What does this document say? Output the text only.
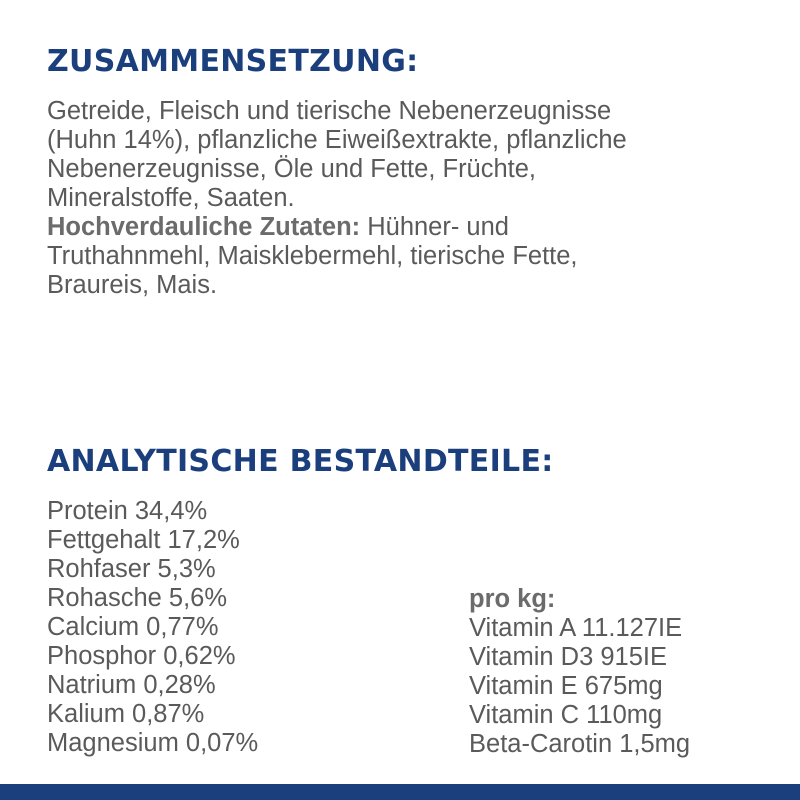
ZUSAMMENSETZUNG:
Getreide, Fleisch und tierische Nebenerzeugnisse
(Huhn 14%), pflanzliche Eiweißextrakte, pflanzliche
Nebenerzeugnisse, Öle und Fette, Früchte,
Mineralstoffe, Saaten.
Hochverdauliche Zutaten: Hühner- und
Truthahnmehl, Maisklebermehl, tierische Fette,
Braureis, Mais.
ANALYTISCHE BESTANDTEILE:
Protein 34,4%
Fettgehalt 17,2%
Rohfaser 5,3%
Rohasche 5,6%
Calcium 0,77%
Phosphor 0,62%
Natrium 0,28%
Kalium 0,87%
Magnesium 0,07%
pro kg:
Vitamin A 11.127IE
Vitamin D3 915IE
Vitamin E 675mg
Vitamin C 110mg
Beta-Carotin 1,5mg
